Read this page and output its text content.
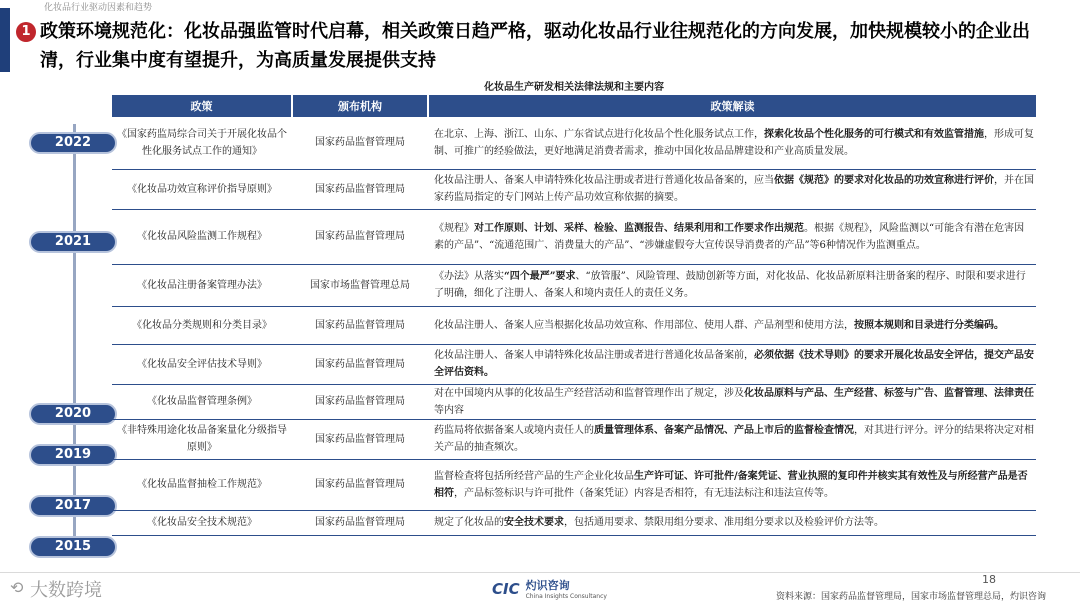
化妆品行业驱动因素和趋势
1 政策环境规范化：化妆品强监管时代启幕，相关政策日趋严格，驱动化妆品行业往规范化的方向发展，加快规模较小的企业出清，行业集中度有望提升，为高质量发展提供支持
2022
2021
2020
2019
2017
2015
化妆品生产研发相关法律法规和主要内容
政策	颁布机构	政策解读
《国家药监局综合司关于开展化妆品个性化服务试点工作的通知》	国家药品监督管理局	在北京、上海、浙江、山东、广东省试点进行化妆品个性化服务试点工作，探索化妆品个性化服务的可行模式和有效监管措施，形成可复制、可推广的经验做法，更好地满足消费者需求，推动中国化妆品品牌建设和产业高质量发展。
《化妆品功效宣称评价指导原则》	国家药品监督管理局	化妆品注册人、备案人申请特殊化妆品注册或者进行普通化妆品备案的，应当依据《规范》的要求对化妆品的功效宣称进行评价，并在国家药监局指定的专门网站上传产品功效宣称依据的摘要。
《化妆品风险监测工作规程》	国家药品监督管理局	《规程》对工作原则、计划、采样、检验、监测报告、结果利用和工作要求作出规范。根据《规程》，风险监测以“可能含有潜在危害因素的产品”、“流通范围广、消费量大的产品”、“涉嫌虚假夸大宣传误导消费者的产品”等6种情况作为监测重点。
《化妆品注册备案管理办法》	国家市场监督管理总局	《办法》从落实“四个最严”要求、“放管服”、风险管理、鼓励创新等方面，对化妆品、化妆品新原料注册备案的程序、时限和要求进行了明确，细化了注册人、备案人和境内责任人的责任义务。
《化妆品分类规则和分类目录》	国家药品监督管理局	化妆品注册人、备案人应当根据化妆品功效宣称、作用部位、使用人群、产品剂型和使用方法，按照本规则和目录进行分类编码。
《化妆品安全评估技术导则》	国家药品监督管理局	化妆品注册人、备案人申请特殊化妆品注册或者进行普通化妆品备案前，必须依据《技术导则》的要求开展化妆品安全评估，提交产品安全评估资料。
《化妆品监督管理条例》	国家药品监督管理局	对在中国境内从事的化妆品生产经营活动和监督管理作出了规定，涉及化妆品原料与产品、生产经营、标签与广告、监督管理、法律责任等内容
《非特殊用途化妆品备案量化分级指导原则》	国家药品监督管理局	药监局将依据备案人或境内责任人的质量管理体系、备案产品情况、产品上市后的监督检查情况，对其进行评分。评分的结果将决定对相关产品的抽查频次。
《化妆品监督抽检工作规范》	国家药品监督管理局	监督检查将包括所经营产品的生产企业化妆品生产许可证、许可批件/备案凭证、营业执照的复印件并核实其有效性及与所经营产品是否相符，产品标签标识与许可批件（备案凭证）内容是否相符，有无违法标注和违法宣传等。
《化妆品安全技术规范》	国家药品监督管理局	规定了化妆品的安全技术要求，包括通用要求、禁限用组分要求、准用组分要求以及检验评价方法等。
⟲ 大数跨境	CIC 灼识咨询
China Insights Consultancy
18
资料来源：国家药品监督管理局，国家市场监督管理总局，灼识咨询
